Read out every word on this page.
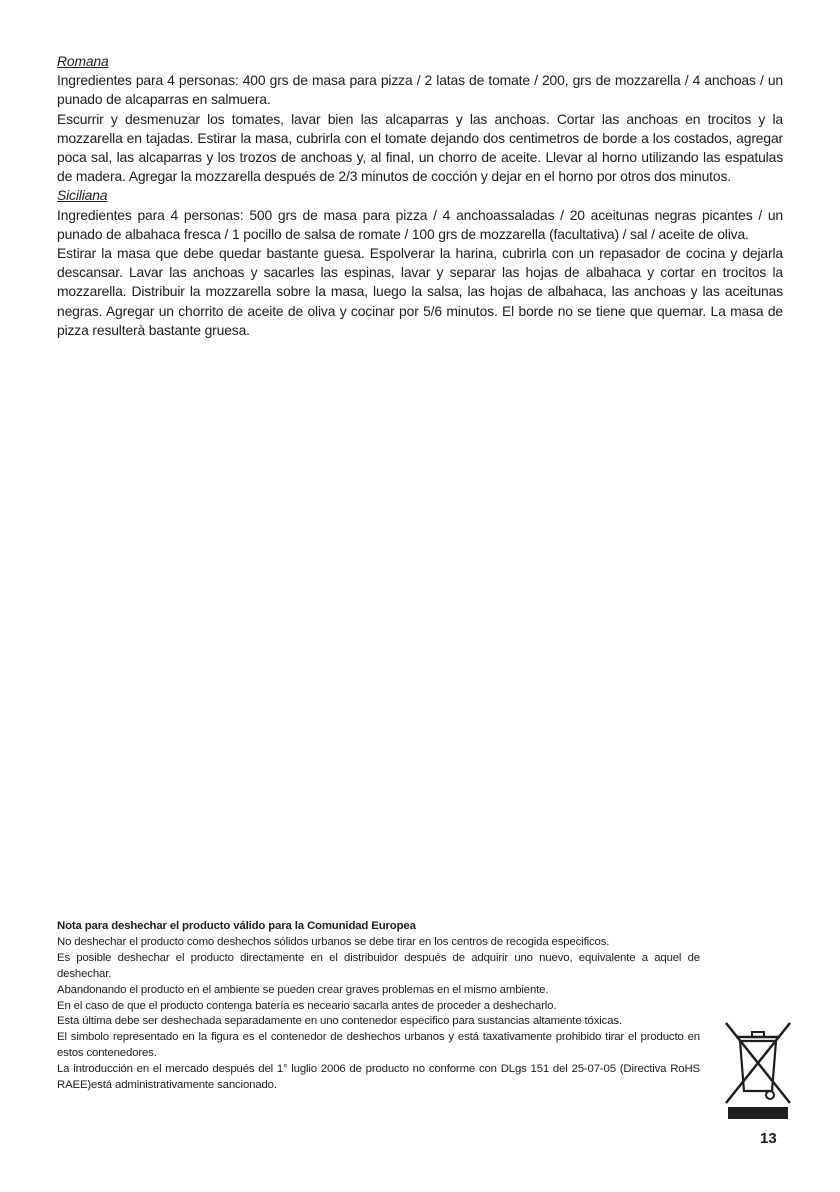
Romana

Ingredientes para 4 personas: 400 grs de masa para pizza / 2 latas de tomate / 200, grs de mozzarella / 4 anchoas / un punado de alcaparras en salmuera.

Escurrir y desmenuzar los tomates, lavar bien las alcaparras y las anchoas. Cortar las anchoas en trocitos y la mozzarella en tajadas. Estirar la masa, cubrirla con el tomate dejando dos centimetros de borde a los costados, agregar poca sal, las alcaparras y los trozos de anchoas y, al final, un chorro de aceite. Llevar al horno utilizando las espatulas de madera. Agregar la mozzarella después de 2/3 minutos de cocción y dejar en el horno por otros dos minutos.

Siciliana

Ingredientes para 4 personas: 500 grs de masa para pizza / 4 anchoassaladas / 20 aceitunas negras picantes / un punado de albahaca fresca / 1 pocillo de salsa de romate / 100 grs de mozzarella (facultativa) / sal / aceite de oliva.

Estirar la masa que debe quedar bastante guesa. Espolverar la harina, cubrirla con un repasador de cocina y dejarla descansar. Lavar las anchoas y sacarles las espinas, lavar y separar las hojas de albahaca y cortar en trocitos la mozzarella. Distribuir la mozzarella sobre la masa, luego la salsa, las hojas de albahaca, las anchoas y las aceitunas negras. Agregar un chorrito de aceite de oliva y cocinar por 5/6 minutos. El borde no se tiene que quemar. La masa de pizza resulterà bastante gruesa.

Nota para deshechar el producto válido para la Comunidad Europea

No deshechar el producto como deshechos sólidos urbanos se debe tirar en los centros de recogida especificos.

Es posible deshechar el producto directamente en el distribuidor después de adquirir uno nuevo, equivalente a aquel de deshechar.

Abandonando el producto en el ambiente se pueden crear graves problemas en el mismo ambiente.

En el caso de que el producto contenga batería es neceario sacarla antes de proceder a deshecharlo.

Esta última debe ser deshechada separadamente en uno contenedor especifico para sustancias altamente tóxicas.

El simbolo representado en la figura es el contenedor de deshechos urbanos y está taxativamente prohibido tirar el producto en estos contenedores.

La introducción en el mercado después del 1° luglio 2006 de producto no conforme con DLgs 151 del 25-07-05 (Directiva RoHS RAEE)está administrativamente sancionado.

13
